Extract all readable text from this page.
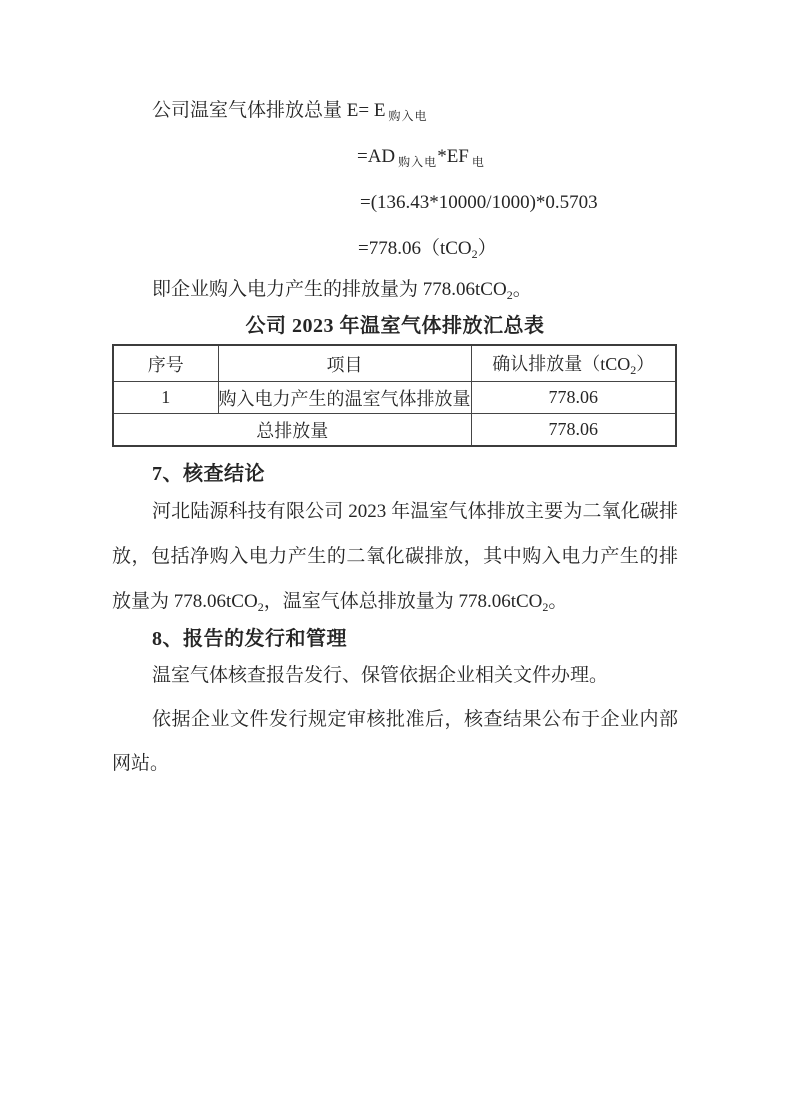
公司温室气体排放总量 E= E $_{购入电}$

=AD $_{购入电}$*EF $_电$

=(136.43*10000/1000)*0.5703

=778.06（tCO$_2$）

即企业购入电力产生的排放量为 778.06tCO$_2$。

公司 2023 年温室气体排放汇总表
序号	项目	确认排放量（tCO$_2$）
1	购入电力产生的温室气体排放量	778.06
总排放量		778.06
7、核查结论
河北陆源科技有限公司 2023 年温室气体排放主要为二氧化碳排
放，包括净购入电力产生的二氧化碳排放，其中购入电力产生的排
放量为 778.06tCO$_2$，温室气体总排放量为 778.06tCO$_2$。
8、报告的发行和管理
温室气体核查报告发行、保管依据企业相关文件办理。
依据企业文件发行规定审核批准后，核查结果公布于企业内部
网站。
